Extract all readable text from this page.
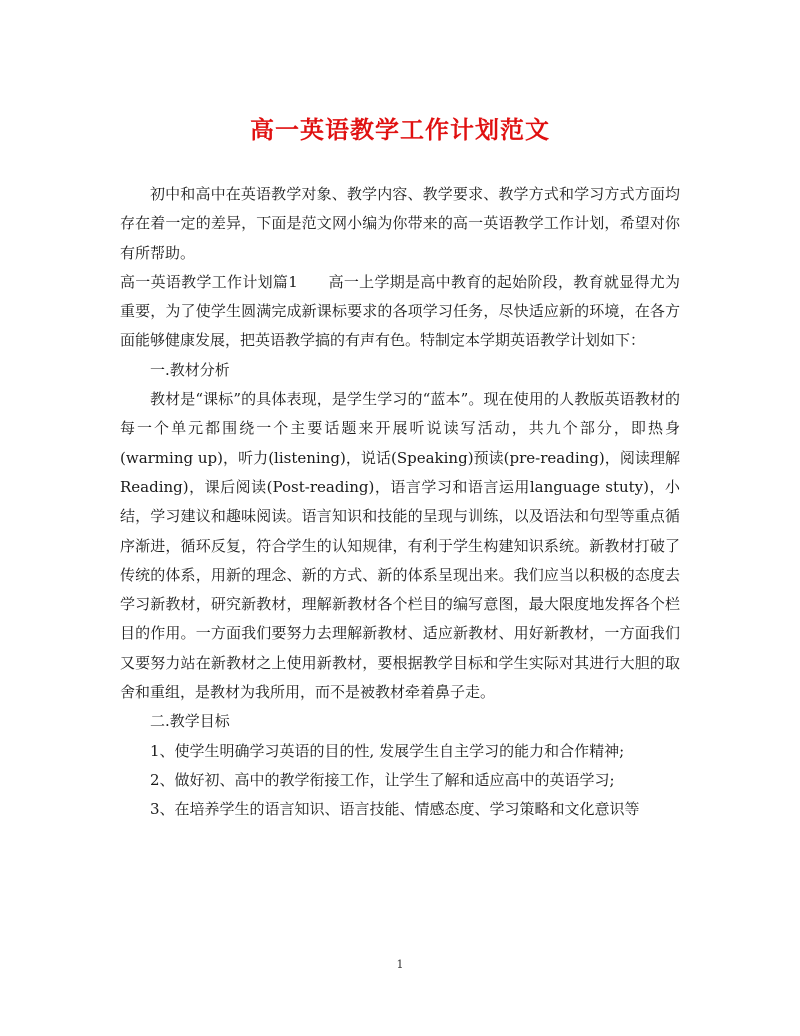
高一英语教学工作计划范文

初中和高中在英语教学对象、教学内容、教学要求、教学方式和学习方式方面均存在着一定的差异，下面是范文网小编为你带来的高一英语教学工作计划，希望对你有所帮助。

高一英语教学工作计划篇1　　高一上学期是高中教育的起始阶段，教育就显得尤为重要，为了使学生圆满完成新课标要求的各项学习任务，尽快适应新的环境，在各方面能够健康发展，把英语教学搞的有声有色。特制定本学期英语教学计划如下：

一.教材分析

教材是“课标”的具体表现，是学生学习的“蓝本”。现在使用的人教版英语教材的每一个单元都围绕一个主要话题来开展听说读写活动，共九个部分，即热身(warming up)，听力(listening)，说话(Speaking)预读(pre-reading)，阅读理解Reading)，课后阅读(Post-reading)，语言学习和语言运用language stuty)，小结，学习建议和趣味阅读。语言知识和技能的呈现与训练，以及语法和句型等重点循序渐进，循环反复，符合学生的认知规律，有利于学生构建知识系统。新教材打破了传统的体系，用新的理念、新的方式、新的体系呈现出来。我们应当以积极的态度去学习新教材，研究新教材，理解新教材各个栏目的编写意图，最大限度地发挥各个栏目的作用。一方面我们要努力去理解新教材、适应新教材、用好新教材，一方面我们又要努力站在新教材之上使用新教材，要根据教学目标和学生实际对其进行大胆的取舍和重组，是教材为我所用，而不是被教材牵着鼻子走。

二.教学目标

1、使学生明确学习英语的目的性, 发展学生自主学习的能力和合作精神;

2、做好初、高中的教学衔接工作，让学生了解和适应高中的英语学习;

3、在培养学生的语言知识、语言技能、情感态度、学习策略和文化意识等

1
